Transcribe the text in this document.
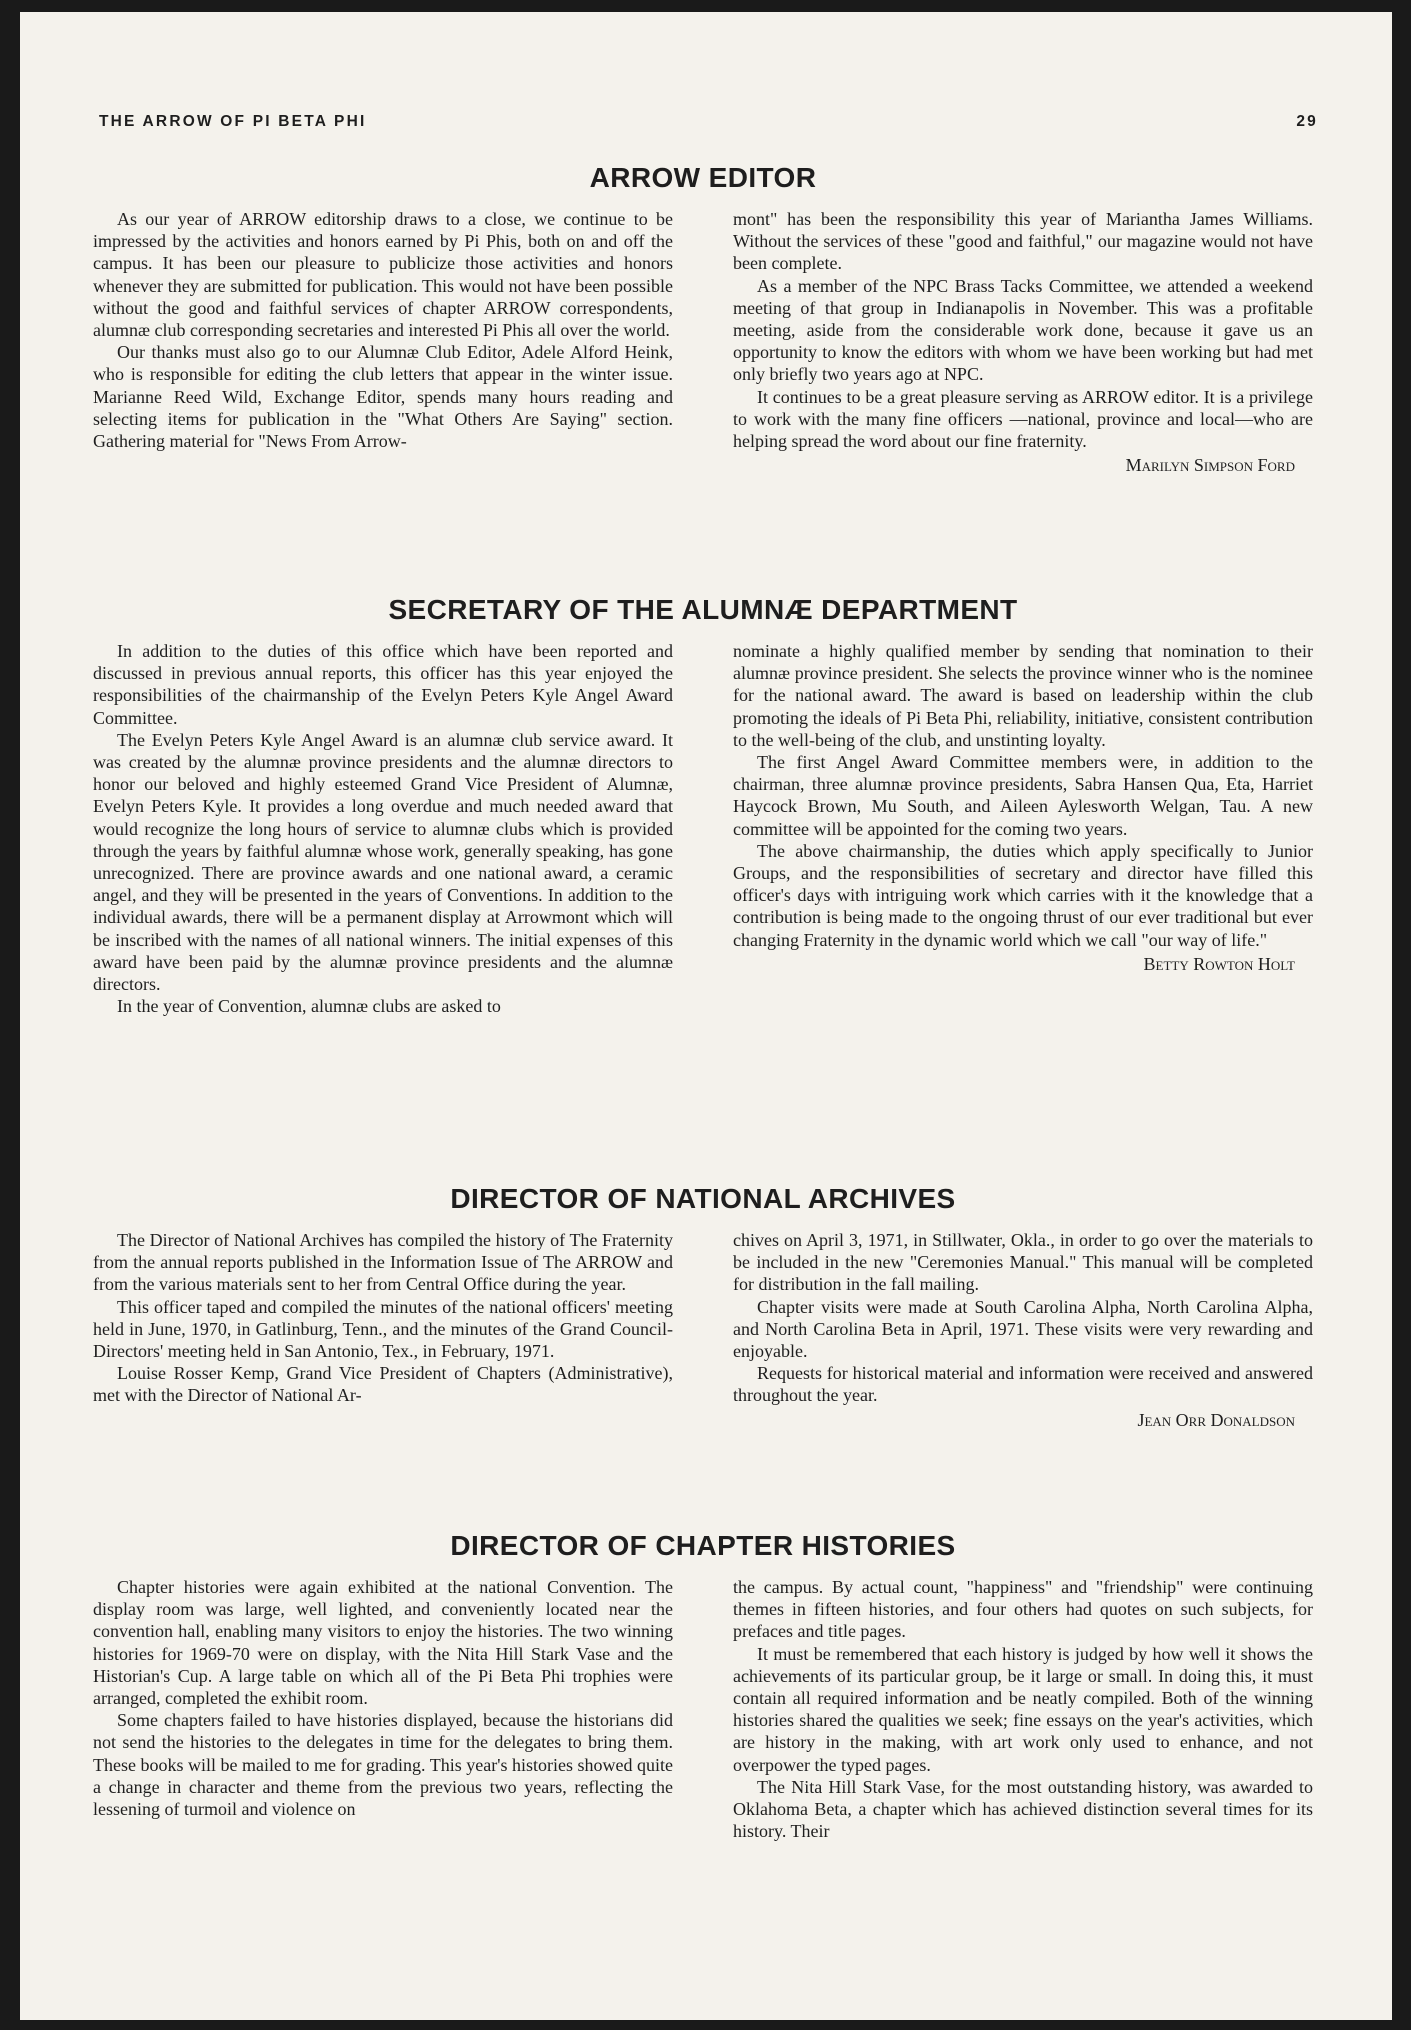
THE ARROW OF PI BETA PHI	29
ARROW EDITOR

As our year of ARROW editorship draws to a close, we continue to be impressed by the activities and honors earned by Pi Phis, both on and off the campus. It has been our pleasure to publicize those activities and honors whenever they are submitted for publication. This would not have been possible without the good and faithful services of chapter ARROW correspondents, alumnæ club corresponding secretaries and interested Pi Phis all over the world.

Our thanks must also go to our Alumnæ Club Editor, Adele Alford Heink, who is responsible for editing the club letters that appear in the winter issue. Marianne Reed Wild, Exchange Editor, spends many hours reading and selecting items for publication in the "What Others Are Saying" section. Gathering material for "News From Arrow-

mont" has been the responsibility this year of Mariantha James Williams. Without the services of these "good and faithful," our magazine would not have been complete.

As a member of the NPC Brass Tacks Committee, we attended a weekend meeting of that group in Indianapolis in November. This was a profitable meeting, aside from the considerable work done, because it gave us an opportunity to know the editors with whom we have been working but had met only briefly two years ago at NPC.

It continues to be a great pleasure serving as ARROW editor. It is a privilege to work with the many fine officers —national, province and local—who are helping spread the word about our fine fraternity.

Marilyn Simpson Ford
SECRETARY OF THE ALUMNÆ DEPARTMENT

In addition to the duties of this office which have been reported and discussed in previous annual reports, this officer has this year enjoyed the responsibilities of the chairmanship of the Evelyn Peters Kyle Angel Award Committee.

The Evelyn Peters Kyle Angel Award is an alumnæ club service award. It was created by the alumnæ province presidents and the alumnæ directors to honor our beloved and highly esteemed Grand Vice President of Alumnæ, Evelyn Peters Kyle. It provides a long overdue and much needed award that would recognize the long hours of service to alumnæ clubs which is provided through the years by faithful alumnæ whose work, generally speaking, has gone unrecognized. There are province awards and one national award, a ceramic angel, and they will be presented in the years of Conventions. In addition to the individual awards, there will be a permanent display at Arrowmont which will be inscribed with the names of all national winners. The initial expenses of this award have been paid by the alumnæ province presidents and the alumnæ directors.

In the year of Convention, alumnæ clubs are asked to

nominate a highly qualified member by sending that nomination to their alumnæ province president. She selects the province winner who is the nominee for the national award. The award is based on leadership within the club promoting the ideals of Pi Beta Phi, reliability, initiative, consistent contribution to the well-being of the club, and unstinting loyalty.

The first Angel Award Committee members were, in addition to the chairman, three alumnæ province presidents, Sabra Hansen Qua, Eta, Harriet Haycock Brown, Mu South, and Aileen Aylesworth Welgan, Tau. A new committee will be appointed for the coming two years.

The above chairmanship, the duties which apply specifically to Junior Groups, and the responsibilities of secretary and director have filled this officer's days with intriguing work which carries with it the knowledge that a contribution is being made to the ongoing thrust of our ever traditional but ever changing Fraternity in the dynamic world which we call "our way of life."

Betty Rowton Holt
DIRECTOR OF NATIONAL ARCHIVES

The Director of National Archives has compiled the history of The Fraternity from the annual reports published in the Information Issue of The ARROW and from the various materials sent to her from Central Office during the year.

This officer taped and compiled the minutes of the national officers' meeting held in June, 1970, in Gatlinburg, Tenn., and the minutes of the Grand Council-Directors' meeting held in San Antonio, Tex., in February, 1971.

Louise Rosser Kemp, Grand Vice President of Chapters (Administrative), met with the Director of National Ar-

chives on April 3, 1971, in Stillwater, Okla., in order to go over the materials to be included in the new "Ceremonies Manual." This manual will be completed for distribution in the fall mailing.

Chapter visits were made at South Carolina Alpha, North Carolina Alpha, and North Carolina Beta in April, 1971. These visits were very rewarding and enjoyable.

Requests for historical material and information were received and answered throughout the year.

Jean Orr Donaldson
DIRECTOR OF CHAPTER HISTORIES

Chapter histories were again exhibited at the national Convention. The display room was large, well lighted, and conveniently located near the convention hall, enabling many visitors to enjoy the histories. The two winning histories for 1969-70 were on display, with the Nita Hill Stark Vase and the Historian's Cup. A large table on which all of the Pi Beta Phi trophies were arranged, completed the exhibit room.

Some chapters failed to have histories displayed, because the historians did not send the histories to the delegates in time for the delegates to bring them. These books will be mailed to me for grading. This year's histories showed quite a change in character and theme from the previous two years, reflecting the lessening of turmoil and violence on

the campus. By actual count, "happiness" and "friendship" were continuing themes in fifteen histories, and four others had quotes on such subjects, for prefaces and title pages.

It must be remembered that each history is judged by how well it shows the achievements of its particular group, be it large or small. In doing this, it must contain all required information and be neatly compiled. Both of the winning histories shared the qualities we seek; fine essays on the year's activities, which are history in the making, with art work only used to enhance, and not overpower the typed pages.

The Nita Hill Stark Vase, for the most outstanding history, was awarded to Oklahoma Beta, a chapter which has achieved distinction several times for its history. Their
